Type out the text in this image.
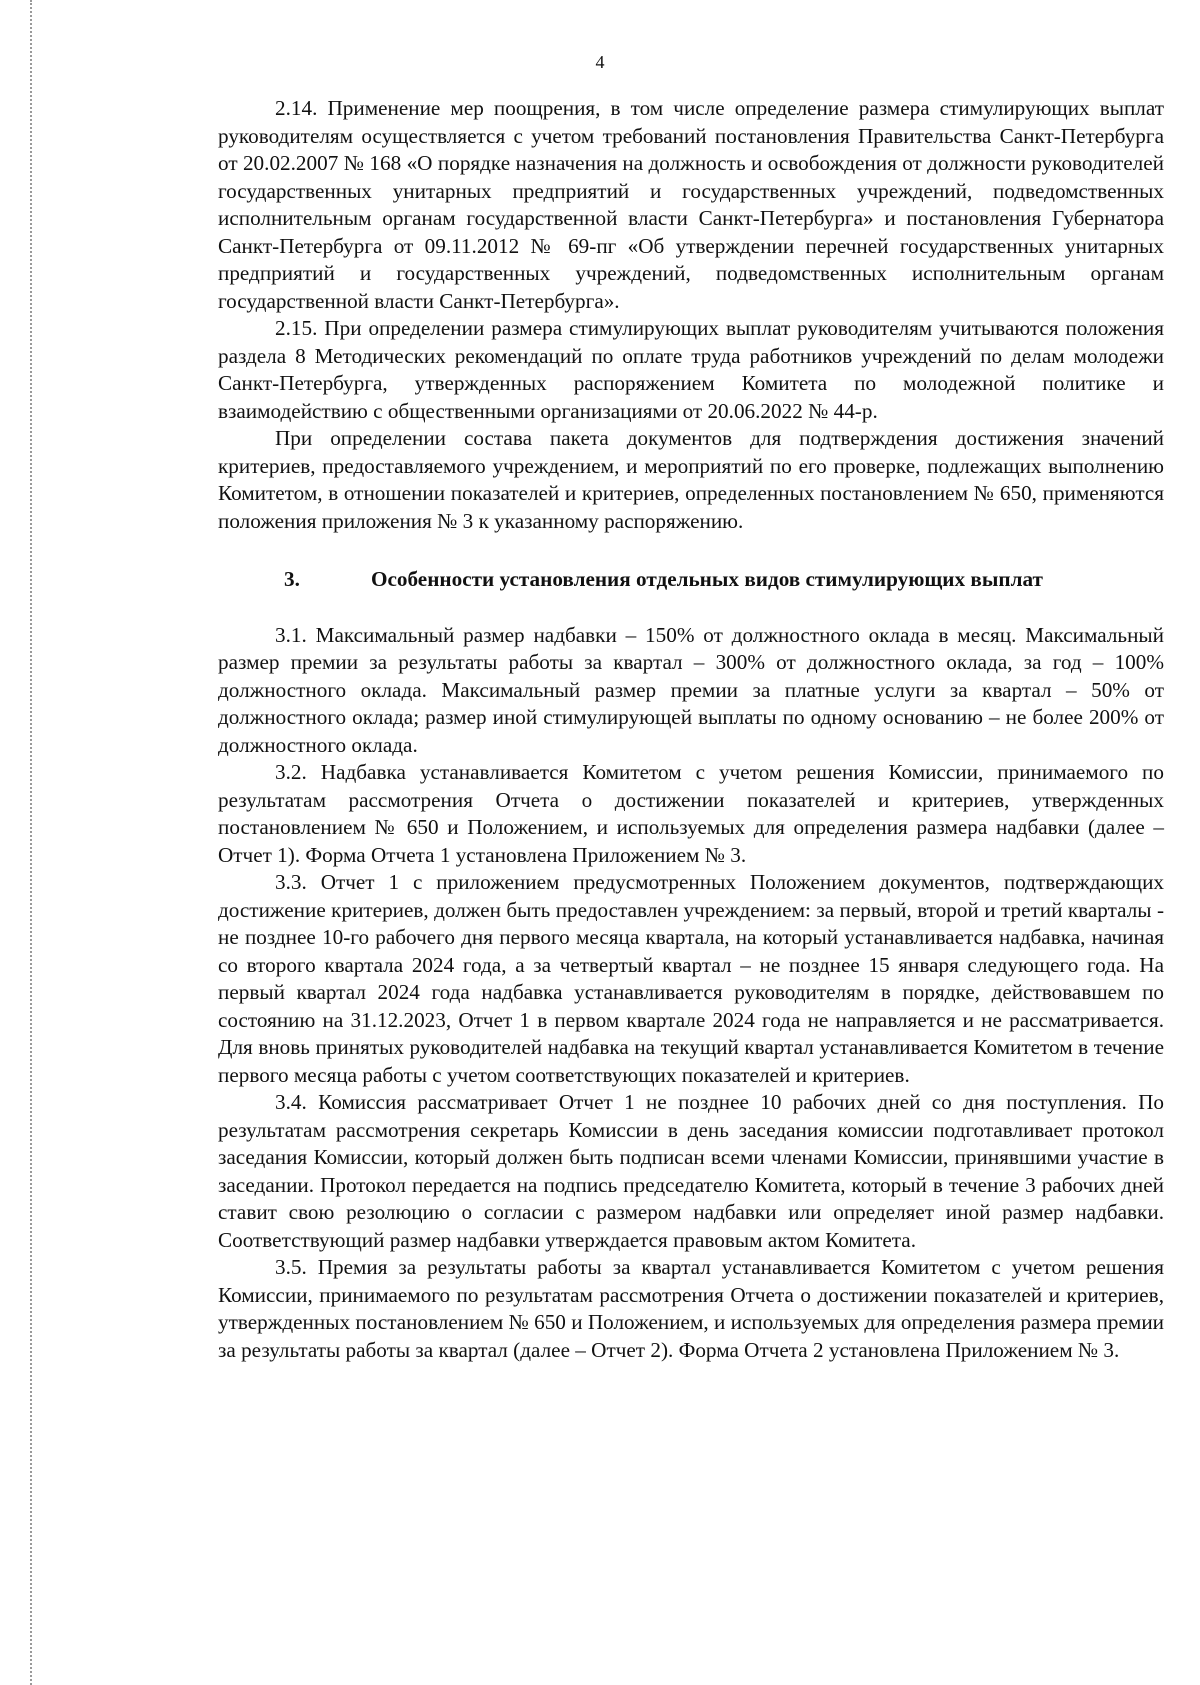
4

2.14. Применение мер поощрения, в том числе определение размера стимулирующих выплат руководителям осуществляется с учетом требований постановления Правительства Санкт-Петербурга от 20.02.2007 № 168 «О порядке назначения на должность и освобождения от должности руководителей государственных унитарных предприятий и государственных учреждений, подведомственных исполнительным органам государственной власти Санкт-Петербурга» и постановления Губернатора Санкт-Петербурга от 09.11.2012 № 69-пг «Об утверждении перечней государственных унитарных предприятий и государственных учреждений, подведомственных исполнительным органам государственной власти Санкт-Петербурга».

2.15. При определении размера стимулирующих выплат руководителям учитываются положения раздела 8 Методических рекомендаций по оплате труда работников учреждений по делам молодежи Санкт-Петербурга, утвержденных распоряжением Комитета по молодежной политике и взаимодействию с общественными организациями от 20.06.2022 № 44-р.

При определении состава пакета документов для подтверждения достижения значений критериев, предоставляемого учреждением, и мероприятий по его проверке, подлежащих выполнению Комитетом, в отношении показателей и критериев, определенных постановлением № 650, применяются положения приложения № 3 к указанному распоряжению.

3.	Особенности установления отдельных видов стимулирующих выплат

3.1. Максимальный размер надбавки – 150% от должностного оклада в месяц. Максимальный размер премии за результаты работы за квартал – 300% от должностного оклада, за год – 100% должностного оклада. Максимальный размер премии за платные услуги за квартал – 50% от должностного оклада; размер иной стимулирующей выплаты по одному основанию – не более 200% от должностного оклада.

3.2. Надбавка устанавливается Комитетом с учетом решения Комиссии, принимаемого по результатам рассмотрения Отчета о достижении показателей и критериев, утвержденных постановлением № 650 и Положением, и используемых для определения размера надбавки (далее – Отчет 1). Форма Отчета 1 установлена Приложением № 3.

3.3. Отчет 1 с приложением предусмотренных Положением документов, подтверждающих достижение критериев, должен быть предоставлен учреждением: за первый, второй и третий кварталы - не позднее 10-го рабочего дня первого месяца квартала, на который устанавливается надбавка, начиная со второго квартала 2024 года, а за четвертый квартал – не позднее 15 января следующего года. На первый квартал 2024 года надбавка устанавливается руководителям в порядке, действовавшем по состоянию на 31.12.2023, Отчет 1 в первом квартале 2024 года не направляется и не рассматривается. Для вновь принятых руководителей надбавка на текущий квартал устанавливается Комитетом в течение первого месяца работы с учетом соответствующих показателей и критериев.

3.4. Комиссия рассматривает Отчет 1 не позднее 10 рабочих дней со дня поступления. По результатам рассмотрения секретарь Комиссии в день заседания комиссии подготавливает протокол заседания Комиссии, который должен быть подписан всеми членами Комиссии, принявшими участие в заседании. Протокол передается на подпись председателю Комитета, который в течение 3 рабочих дней ставит свою резолюцию о согласии с размером надбавки или определяет иной размер надбавки. Соответствующий размер надбавки утверждается правовым актом Комитета.

3.5. Премия за результаты работы за квартал устанавливается Комитетом с учетом решения Комиссии, принимаемого по результатам рассмотрения Отчета о достижении показателей и критериев, утвержденных постановлением № 650 и Положением, и используемых для определения размера премии за результаты работы за квартал (далее – Отчет 2). Форма Отчета 2 установлена Приложением № 3.
